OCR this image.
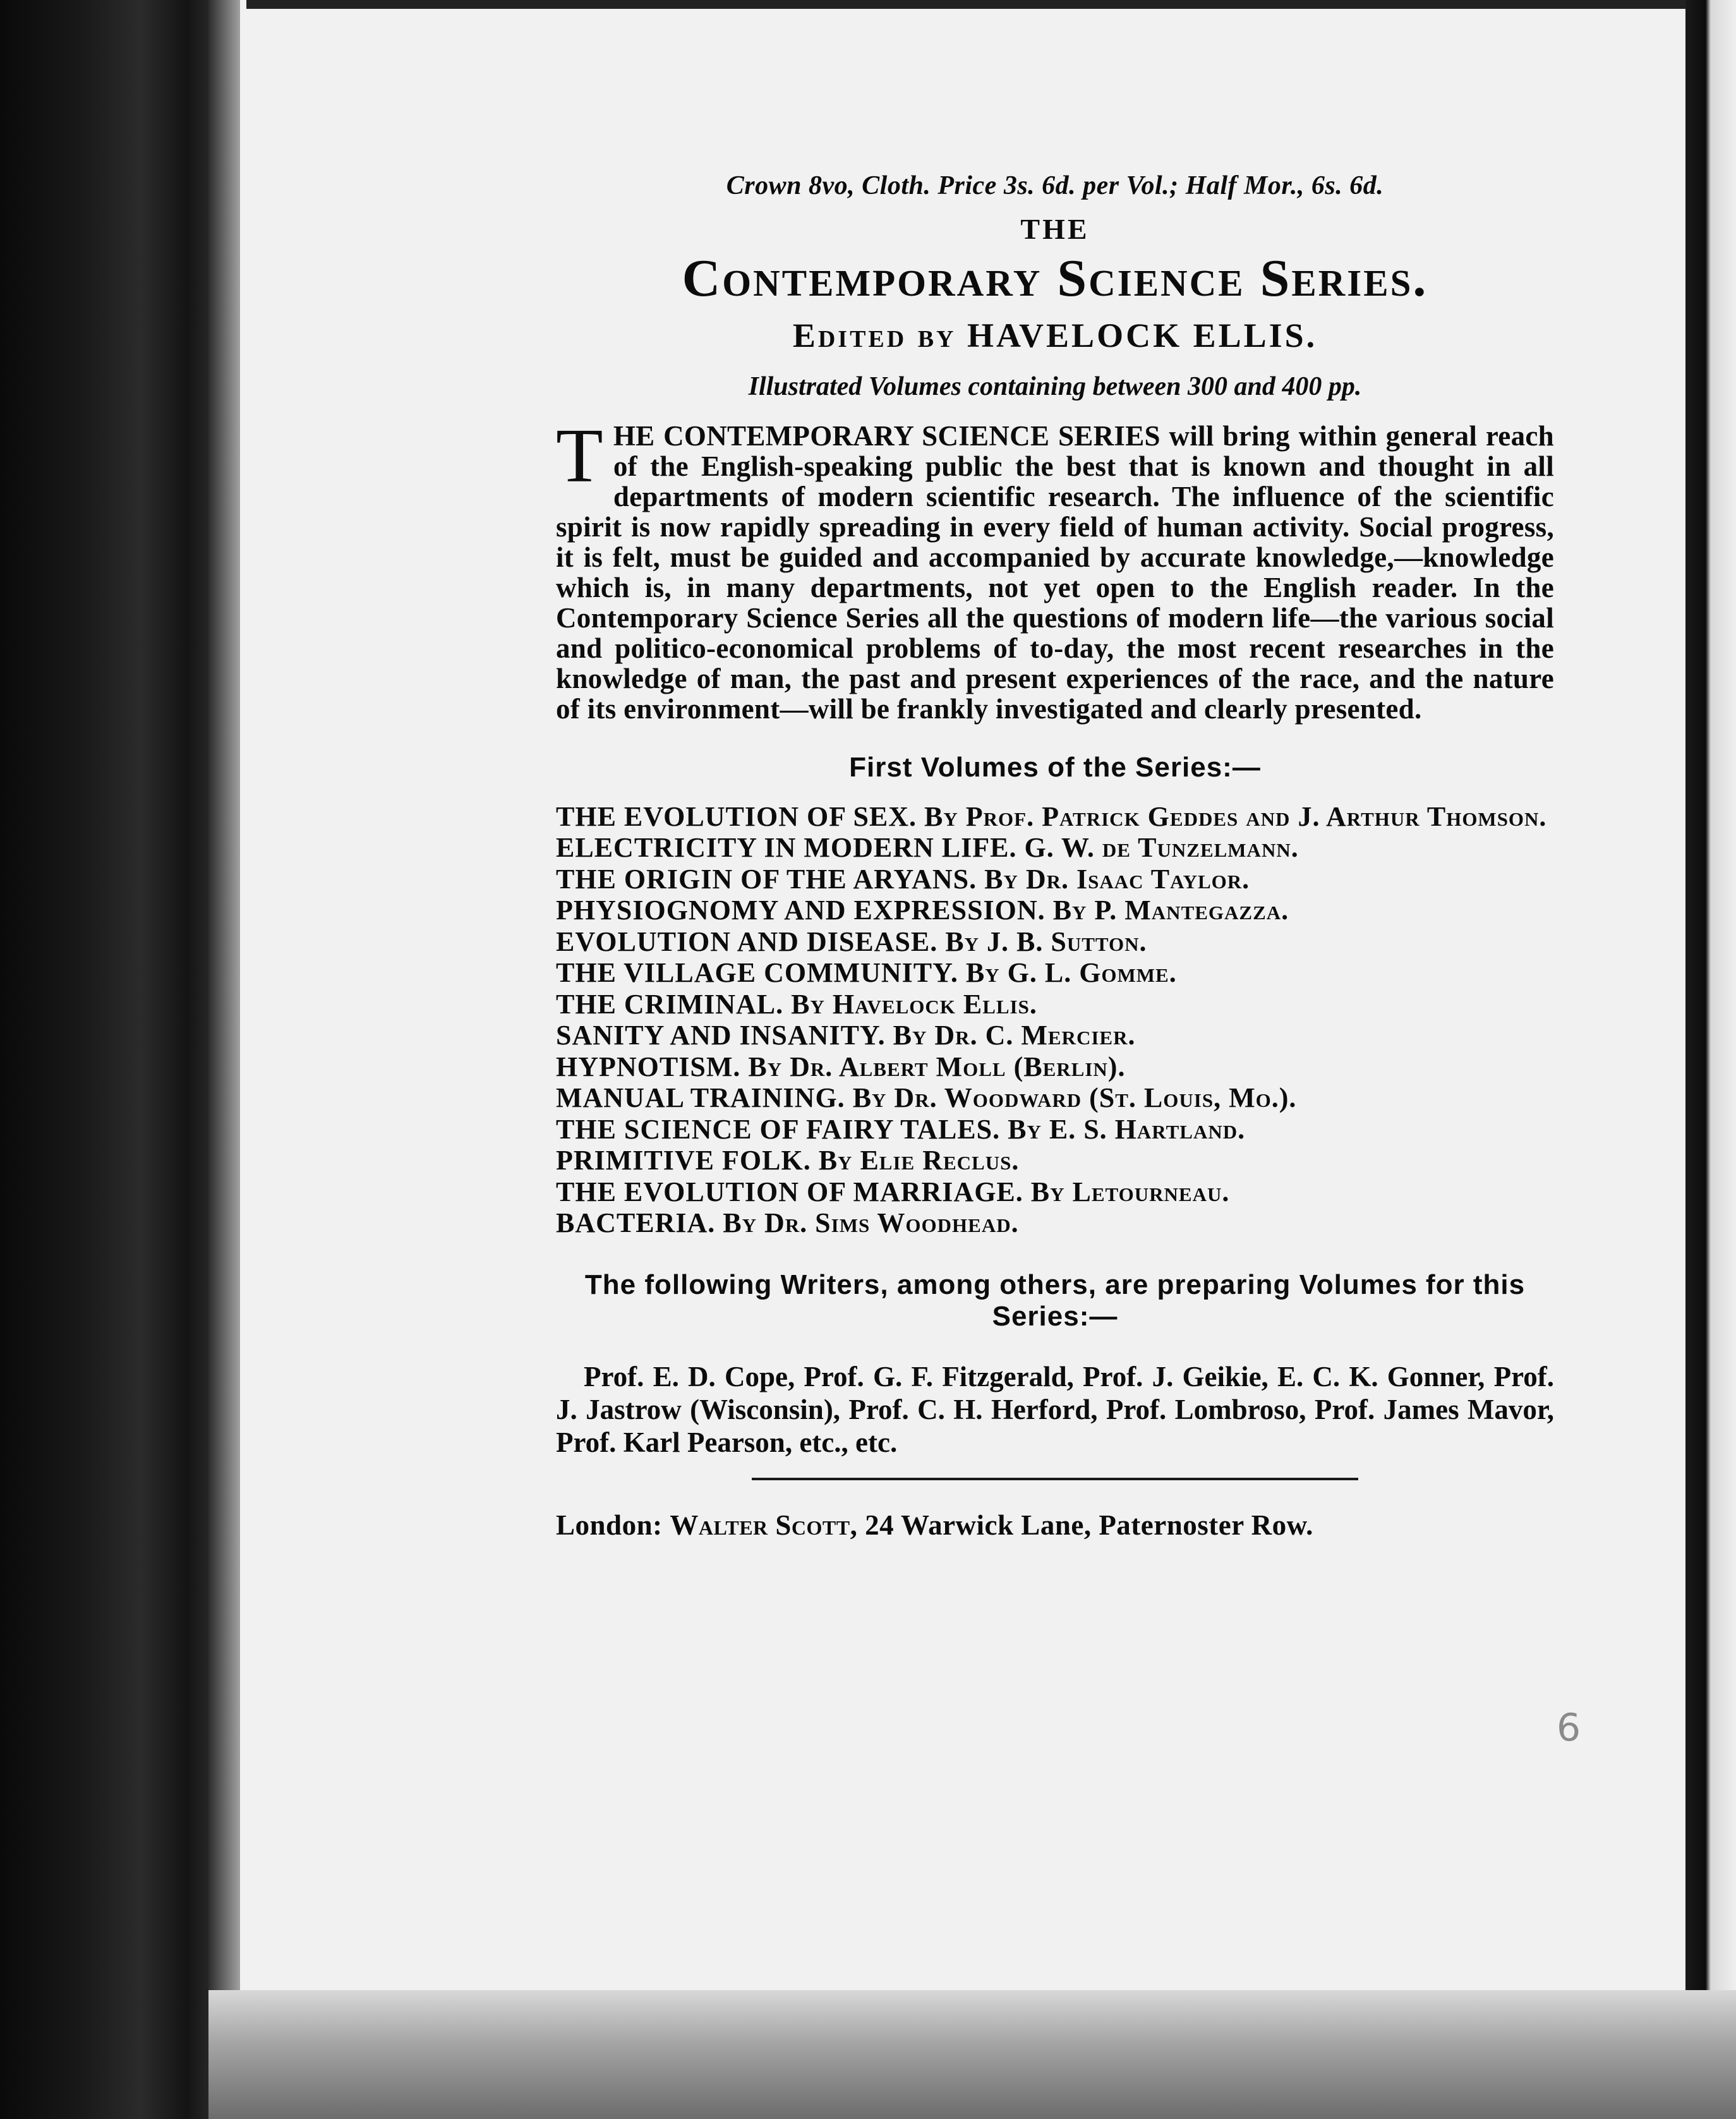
Crown 8vo, Cloth. Price 3s. 6d. per Vol.; Half Mor., 6s. 6d.

THE

Contemporary Science Series.

Edited by HAVELOCK ELLIS.

Illustrated Volumes containing between 300 and 400 pp.

THE CONTEMPORARY SCIENCE SERIES will bring within general reach of the English-speaking public the best that is known and thought in all departments of modern scientific research. The influence of the scientific spirit is now rapidly spreading in every field of human activity. Social progress, it is felt, must be guided and accompanied by accurate knowledge,—knowledge which is, in many departments, not yet open to the English reader. In the Contemporary Science Series all the questions of modern life—the various social and politico-economical problems of to-day, the most recent researches in the knowledge of man, the past and present experiences of the race, and the nature of its environment—will be frankly investigated and clearly presented.

First Volumes of the Series:—

THE EVOLUTION OF SEX. By Prof. Patrick Geddes and J. Arthur Thomson.
ELECTRICITY IN MODERN LIFE. G. W. de Tunzelmann.
THE ORIGIN OF THE ARYANS. By Dr. Isaac Taylor.
PHYSIOGNOMY AND EXPRESSION. By P. Mantegazza.
EVOLUTION AND DISEASE. By J. B. Sutton.
THE VILLAGE COMMUNITY. By G. L. Gomme.
THE CRIMINAL. By Havelock Ellis.
SANITY AND INSANITY. By Dr. C. Mercier.
HYPNOTISM. By Dr. Albert Moll (Berlin).
MANUAL TRAINING. By Dr. Woodward (St. Louis, Mo.).
THE SCIENCE OF FAIRY TALES. By E. S. Hartland.
PRIMITIVE FOLK. By Elie Reclus.
THE EVOLUTION OF MARRIAGE. By Letourneau.
BACTERIA. By Dr. Sims Woodhead.

The following Writers, among others, are preparing Volumes for this Series:—

Prof. E. D. Cope, Prof. G. F. Fitzgerald, Prof. J. Geikie, E. C. K. Gonner, Prof. J. Jastrow (Wisconsin), Prof. C. H. Herford, Prof. Lombroso, Prof. James Mavor, Prof. Karl Pearson, etc., etc.

London: Walter Scott, 24 Warwick Lane, Paternoster Row.

6
